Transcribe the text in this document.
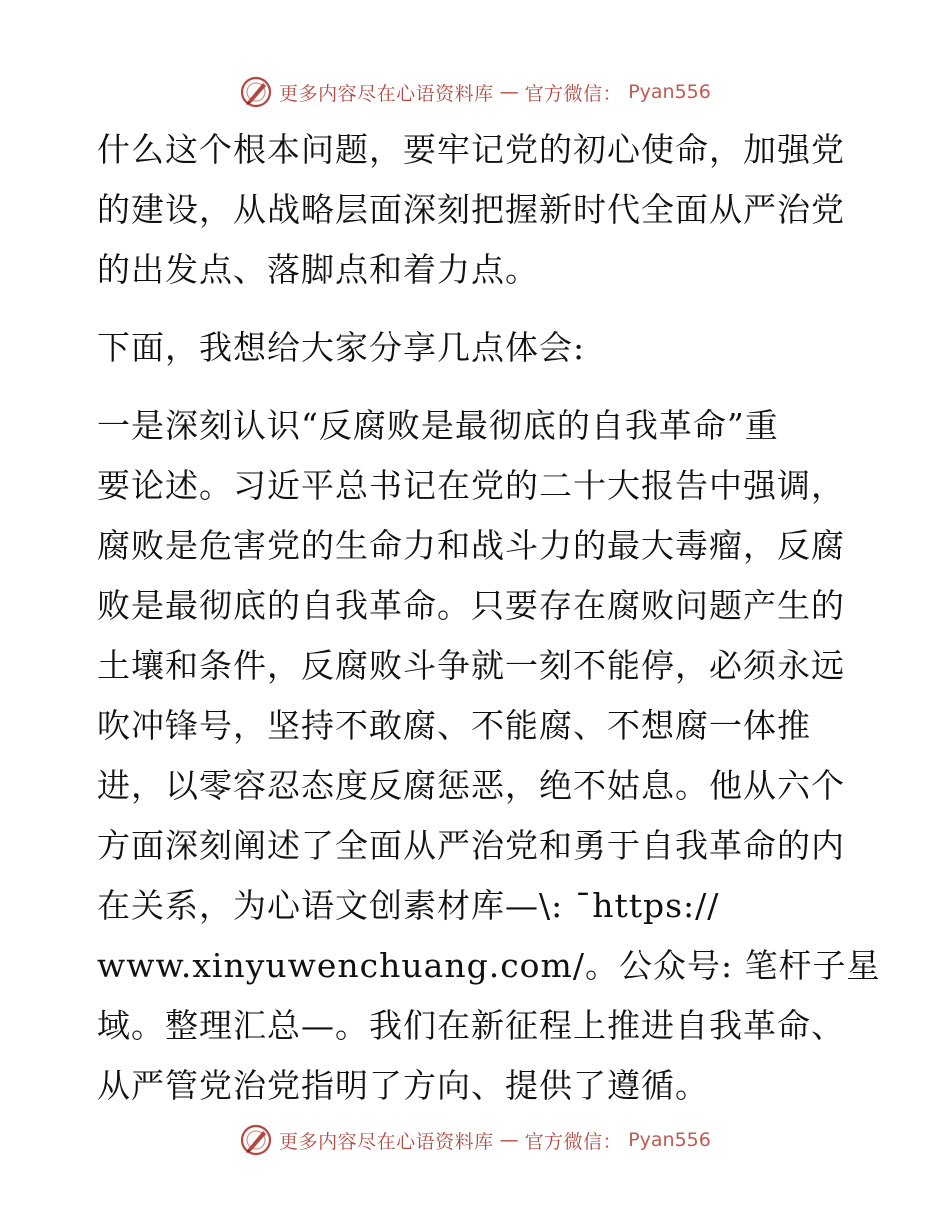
更多内容尽在心语资料库 — 官方微信： Pyan556
什么这个根本问题，要牢记党的初心使命，加强党
的建设，从战略层面深刻把握新时代全面从严治党
的出发点、落脚点和着力点。
下面，我想给大家分享几点体会:
一是深刻认识“反腐败是最彻底的自我革命”重
要论述。习近平总书记在党的二十大报告中强调，
腐败是危害党的生命力和战斗力的最大毒瘤，反腐
败是最彻底的自我革命。只要存在腐败问题产生的
土壤和条件，反腐败斗争就一刻不能停，必须永远
吹冲锋号，坚持不敢腐、不能腐、不想腐一体推
进，以零容忍态度反腐惩恶，绝不姑息。他从六个
方面深刻阐述了全面从严治党和勇于自我革命的内
在关系，为心语文创素材库—\: ¯https://
www.xinyuwenchuang.com/。公众号: 笔杆子星
域。整理汇总—。我们在新征程上推进自我革命、
从严管党治党指明了方向、提供了遵循。
更多内容尽在心语资料库 — 官方微信： Pyan556
